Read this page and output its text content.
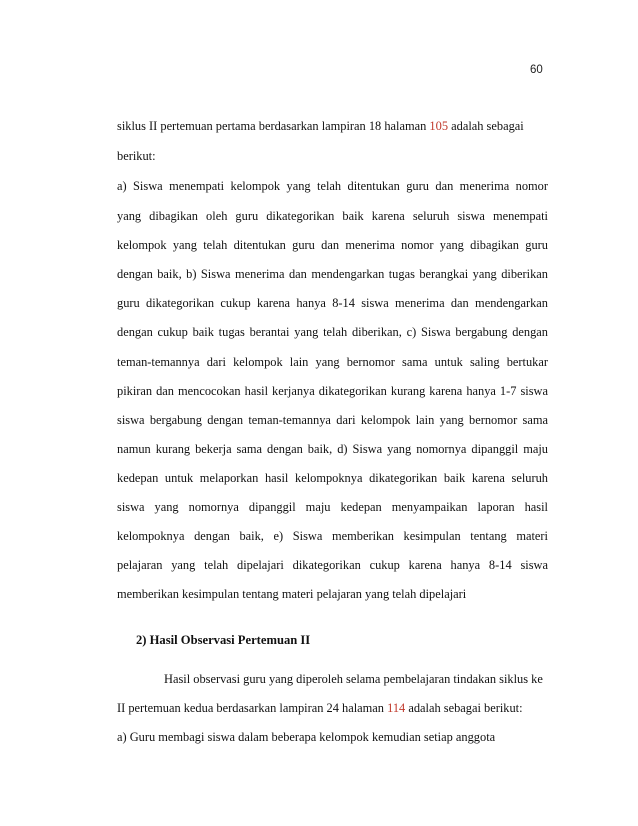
60
siklus II pertemuan pertama berdasarkan lampiran 18 halaman 105 adalah sebagai
berikut:
a) Siswa menempati kelompok yang telah ditentukan guru dan menerima nomor
yang dibagikan oleh guru dikategorikan baik karena seluruh siswa menempati
kelompok yang telah ditentukan guru dan menerima nomor yang dibagikan guru
dengan baik, b) Siswa menerima dan mendengarkan tugas berangkai yang diberikan
guru dikategorikan cukup karena hanya 8-14 siswa menerima dan mendengarkan
dengan cukup baik tugas berantai yang telah diberikan, c) Siswa bergabung dengan
teman-temannya dari kelompok lain yang bernomor sama untuk saling bertukar
pikiran dan mencocokan hasil kerjanya dikategorikan kurang karena hanya 1-7 siswa
siswa bergabung dengan teman-temannya dari kelompok lain yang bernomor sama
namun kurang bekerja sama dengan baik, d) Siswa yang nomornya dipanggil maju
kedepan untuk melaporkan hasil kelompoknya dikategorikan baik karena seluruh
siswa yang nomornya dipanggil maju kedepan menyampaikan laporan hasil
kelompoknya dengan baik, e) Siswa memberikan kesimpulan tentang materi
pelajaran yang telah dipelajari dikategorikan cukup karena hanya 8-14 siswa
memberikan kesimpulan tentang materi pelajaran yang telah dipelajari
2) Hasil Observasi Pertemuan II
Hasil observasi guru yang diperoleh selama pembelajaran tindakan siklus ke
II pertemuan kedua berdasarkan lampiran 24 halaman 114 adalah sebagai berikut:
a) Guru membagi siswa dalam beberapa kelompok kemudian setiap anggota
